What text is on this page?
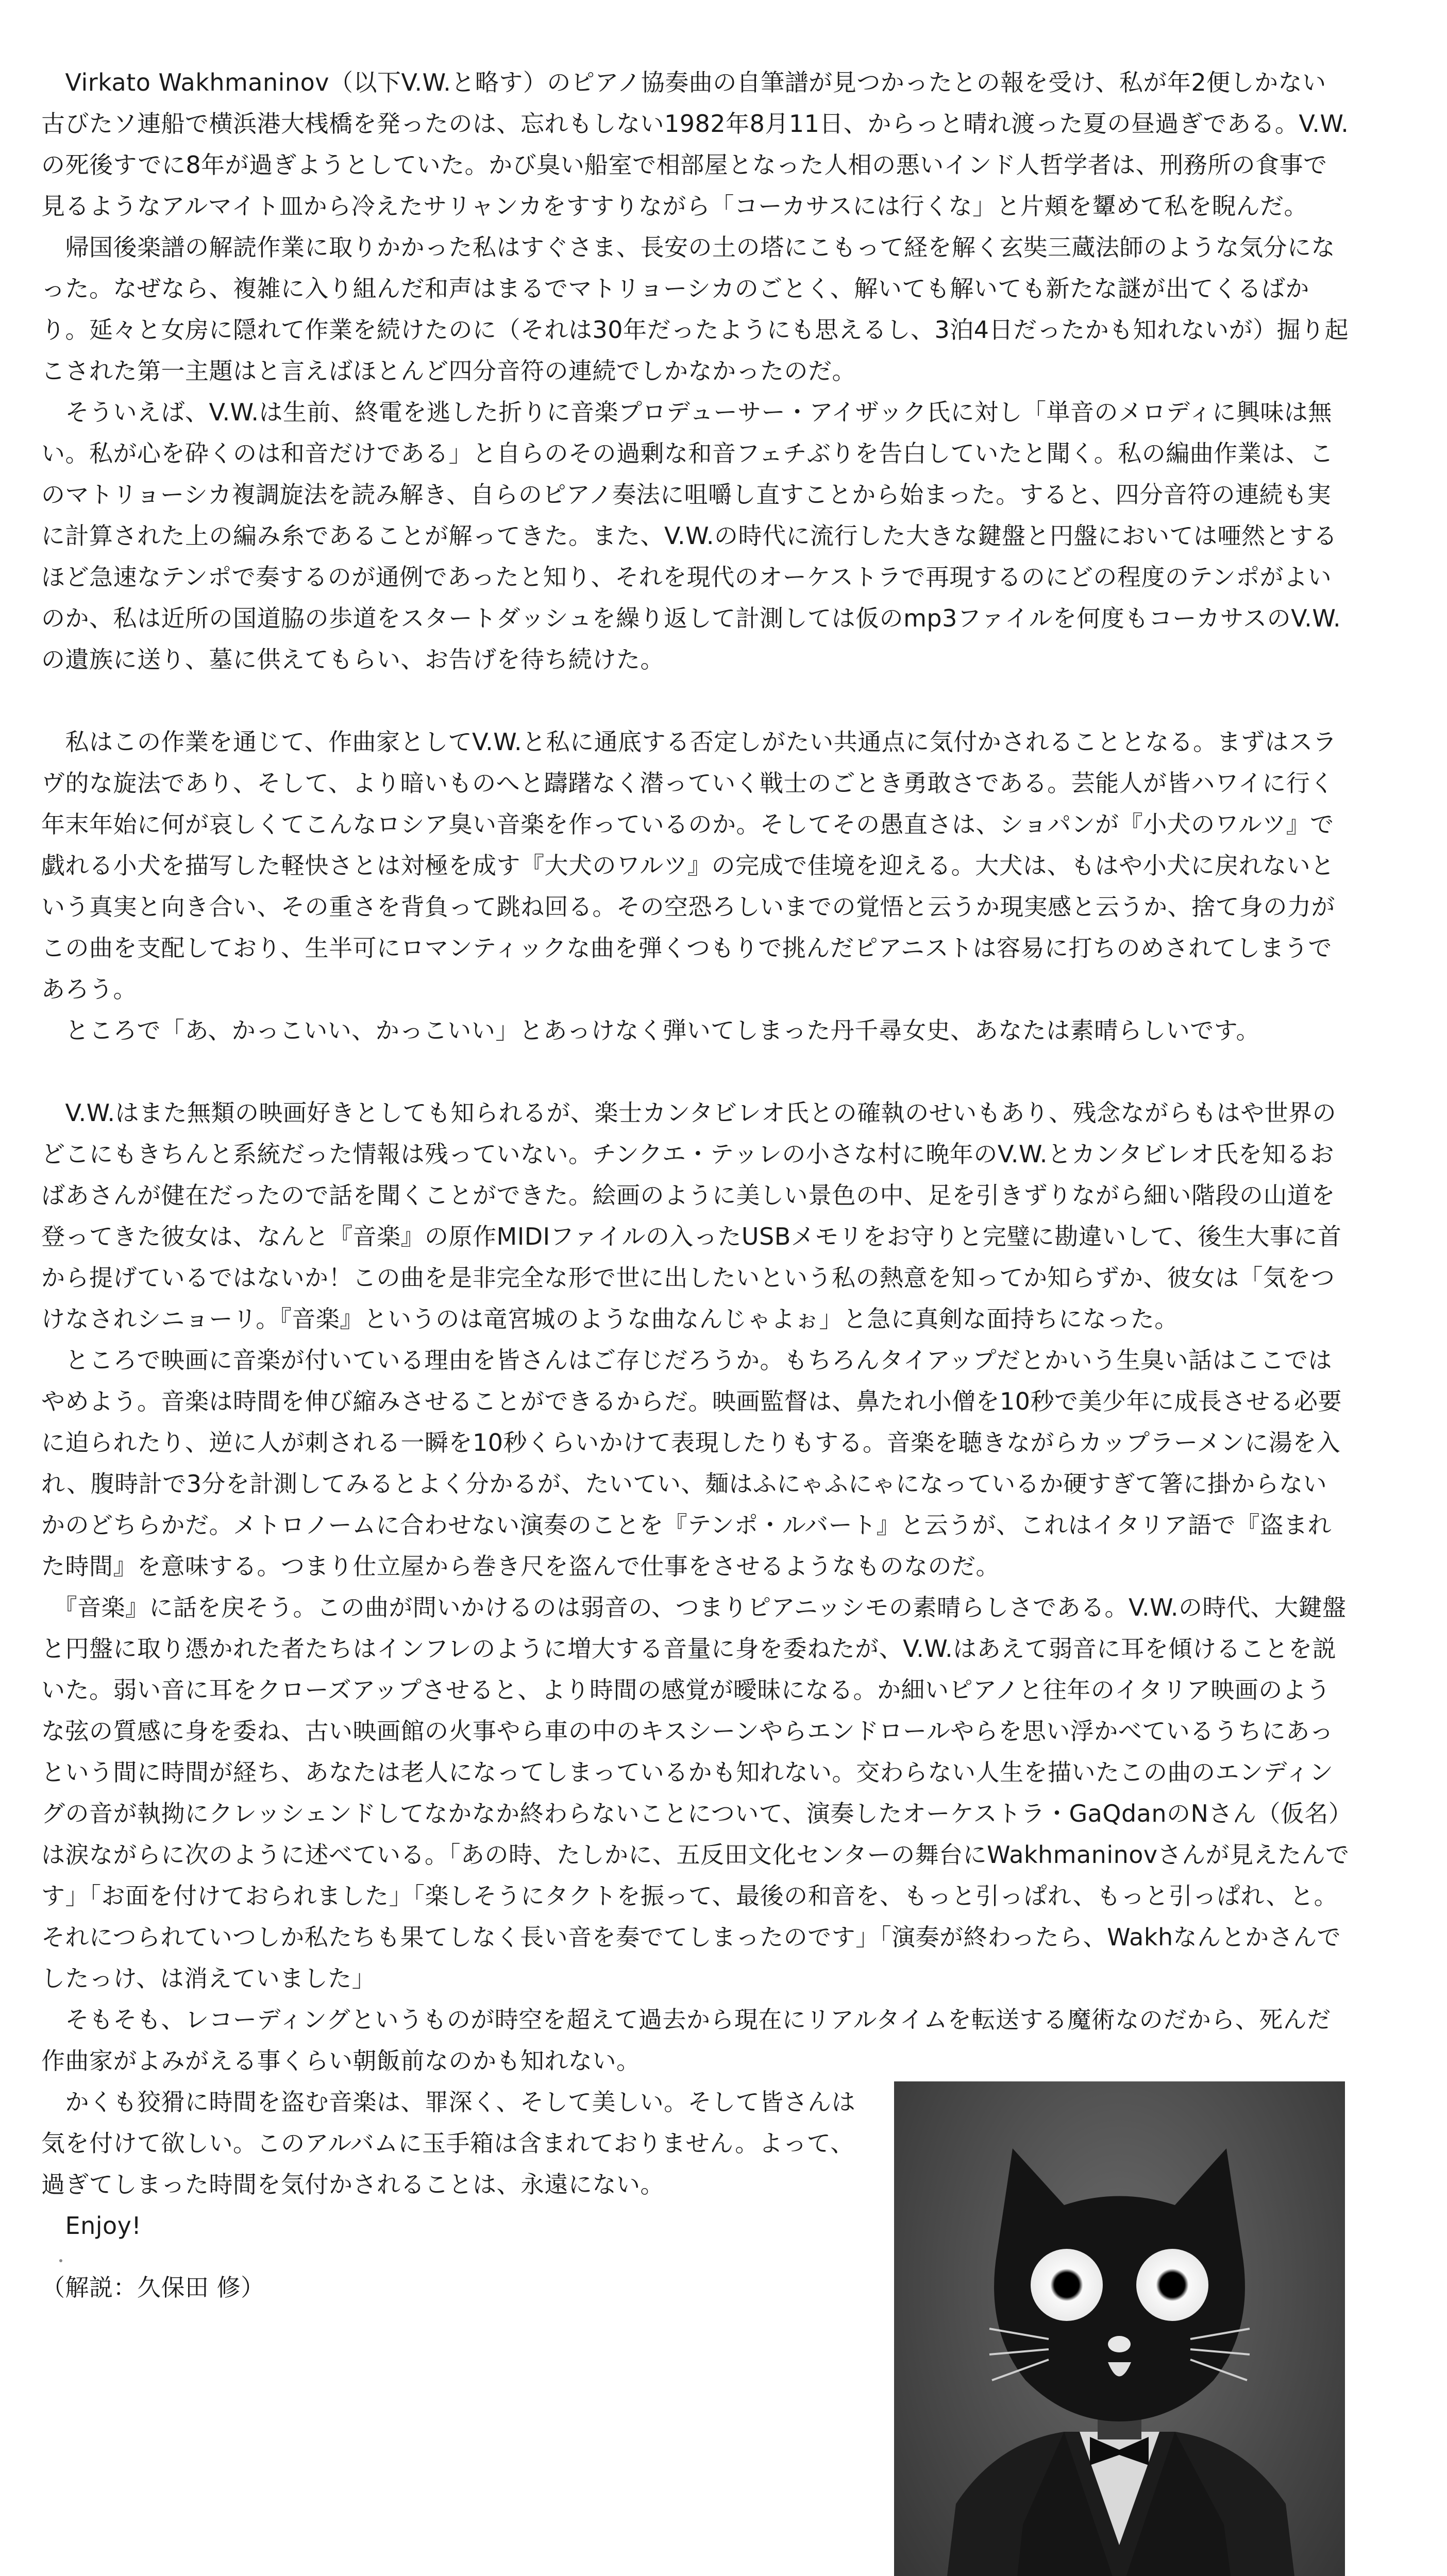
　Virkato Wakhmaninov（以下V.W.と略す）のピアノ協奏曲の自筆譜が見つかったとの報を受け、私が年2便しかない古びたソ連船で横浜港大桟橋を発ったのは、忘れもしない1982年8月11日、からっと晴れ渡った夏の昼過ぎである。V.W.の死後すでに8年が過ぎようとしていた。かび臭い船室で相部屋となった人相の悪いインド人哲学者は、刑務所の食事で見るようなアルマイト皿から冷えたサリャンカをすすりながら「コーカサスには行くな」と片頬を顰めて私を睨んだ。

　帰国後楽譜の解読作業に取りかかった私はすぐさま、長安の土の塔にこもって経を解く玄奘三蔵法師のような気分になった。なぜなら、複雑に入り組んだ和声はまるでマトリョーシカのごとく、解いても解いても新たな謎が出てくるばかり。延々と女房に隠れて作業を続けたのに（それは30年だったようにも思えるし、3泊4日だったかも知れないが）掘り起こされた第一主題はと言えばほとんど四分音符の連続でしかなかったのだ。

　そういえば、V.W.は生前、終電を逃した折りに音楽プロデューサー・アイザック氏に対し「単音のメロディに興味は無い。私が心を砕くのは和音だけである」と自らのその過剰な和音フェチぶりを告白していたと聞く。私の編曲作業は、このマトリョーシカ複調旋法を読み解き、自らのピアノ奏法に咀嚼し直すことから始まった。すると、四分音符の連続も実に計算された上の編み糸であることが解ってきた。また、V.W.の時代に流行した大きな鍵盤と円盤においては唖然とするほど急速なテンポで奏するのが通例であったと知り、それを現代のオーケストラで再現するのにどの程度のテンポがよいのか、私は近所の国道脇の歩道をスタートダッシュを繰り返して計測しては仮のmp3ファイルを何度もコーカサスのV.W.の遺族に送り、墓に供えてもらい、お告げを待ち続けた。

　私はこの作業を通じて、作曲家としてV.W.と私に通底する否定しがたい共通点に気付かされることとなる。まずはスラヴ的な旋法であり、そして、より暗いものへと躊躇なく潜っていく戦士のごとき勇敢さである。芸能人が皆ハワイに行く年末年始に何が哀しくてこんなロシア臭い音楽を作っているのか。そしてその愚直さは、ショパンが『小犬のワルツ』で戯れる小犬を描写した軽快さとは対極を成す『大犬のワルツ』の完成で佳境を迎える。大犬は、もはや小犬に戻れないという真実と向き合い、その重さを背負って跳ね回る。その空恐ろしいまでの覚悟と云うか現実感と云うか、捨て身の力がこの曲を支配しており、生半可にロマンティックな曲を弾くつもりで挑んだピアニストは容易に打ちのめされてしまうであろう。

　ところで「あ、かっこいい、かっこいい」とあっけなく弾いてしまった丹千尋女史、あなたは素晴らしいです。

　V.W.はまた無類の映画好きとしても知られるが、楽士カンタビレオ氏との確執のせいもあり、残念ながらもはや世界のどこにもきちんと系統だった情報は残っていない。チンクエ・テッレの小さな村に晩年のV.W.とカンタビレオ氏を知るおばあさんが健在だったので話を聞くことができた。絵画のように美しい景色の中、足を引きずりながら細い階段の山道を登ってきた彼女は、なんと『音楽』の原作MIDIファイルの入ったUSBメモリをお守りと完璧に勘違いして、後生大事に首から提げているではないか！この曲を是非完全な形で世に出したいという私の熱意を知ってか知らずか、彼女は「気をつけなされシニョーリ。『音楽』というのは竜宮城のような曲なんじゃよぉ」と急に真剣な面持ちになった。

　ところで映画に音楽が付いている理由を皆さんはご存じだろうか。もちろんタイアップだとかいう生臭い話はここではやめよう。音楽は時間を伸び縮みさせることができるからだ。映画監督は、鼻たれ小僧を10秒で美少年に成長させる必要に迫られたり、逆に人が刺される一瞬を10秒くらいかけて表現したりもする。音楽を聴きながらカップラーメンに湯を入れ、腹時計で3分を計測してみるとよく分かるが、たいてい、麺はふにゃふにゃになっているか硬すぎて箸に掛からないかのどちらかだ。メトロノームに合わせない演奏のことを『テンポ・ルバート』と云うが、これはイタリア語で『盗まれた時間』を意味する。つまり仕立屋から巻き尺を盗んで仕事をさせるようなものなのだ。

　『音楽』に話を戻そう。この曲が問いかけるのは弱音の、つまりピアニッシモの素晴らしさである。V.W.の時代、大鍵盤と円盤に取り憑かれた者たちはインフレのように増大する音量に身を委ねたが、V.W.はあえて弱音に耳を傾けることを説いた。弱い音に耳をクローズアップさせると、より時間の感覚が曖昧になる。か細いピアノと往年のイタリア映画のような弦の質感に身を委ね、古い映画館の火事やら車の中のキスシーンやらエンドロールやらを思い浮かべているうちにあっという間に時間が経ち、あなたは老人になってしまっているかも知れない。交わらない人生を描いたこの曲のエンディングの音が執拗にクレッシェンドしてなかなか終わらないことについて、演奏したオーケストラ・GaQdanのNさん（仮名）は涙ながらに次のように述べている。「あの時、たしかに、五反田文化センターの舞台にWakhmaninovさんが見えたんです」「お面を付けておられました」「楽しそうにタクトを振って、最後の和音を、もっと引っぱれ、もっと引っぱれ、と。それにつられていつしか私たちも果てしなく長い音を奏でてしまったのです」「演奏が終わったら、Wakhなんとかさんでしたっけ、は消えていました」

　そもそも、レコーディングというものが時空を超えて過去から現在にリアルタイムを転送する魔術なのだから、死んだ作曲家がよみがえる事くらい朝飯前なのかも知れない。

　かくも狡猾に時間を盗む音楽は、罪深く、そして美しい。そして皆さんは気を付けて欲しい。このアルバムに玉手箱は含まれておりません。よって、過ぎてしまった時間を気付かされることは、永遠にない。

　Enjoy!

（解説：久保田 修）
